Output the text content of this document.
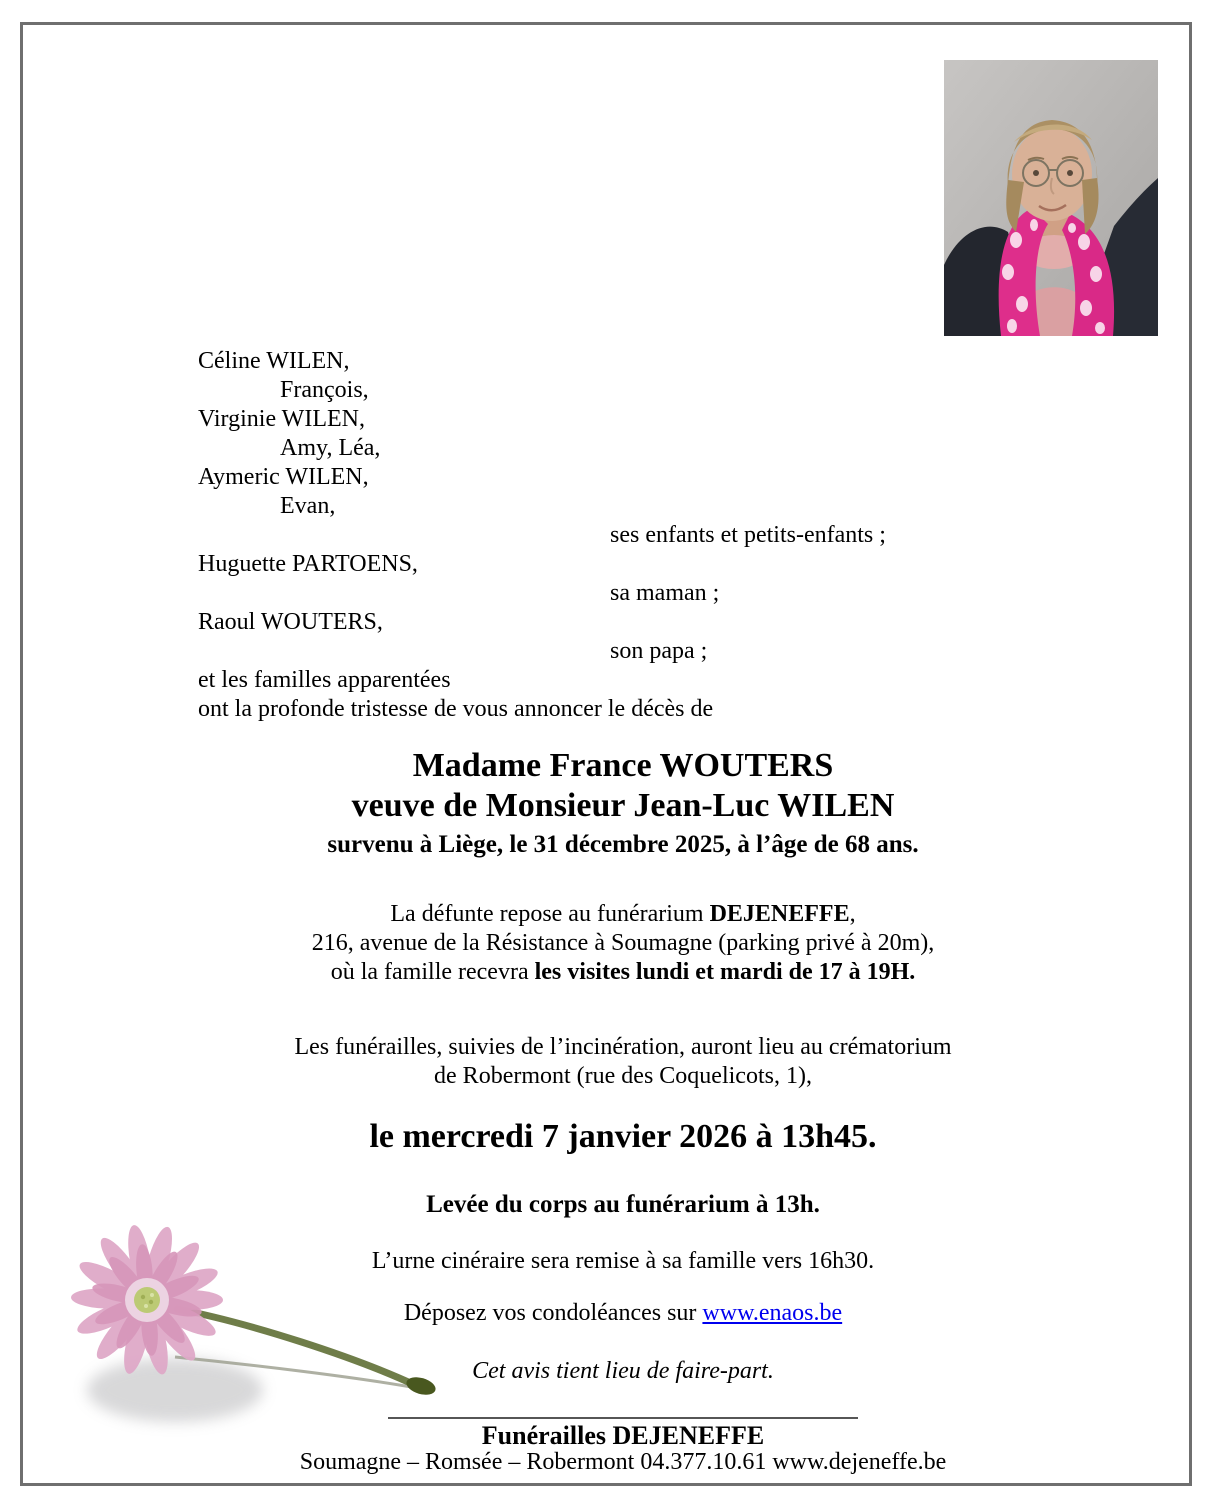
Céline WILEN,
François,
Virginie WILEN,
Amy, Léa,
Aymeric WILEN,
Evan,
ses enfants et petits-enfants ;
Huguette PARTOENS,
sa maman ;
Raoul WOUTERS,
son papa ;
et les familles apparentées
ont la profonde tristesse de vous annoncer le décès de
Madame France WOUTERS
veuve de Monsieur Jean-Luc WILEN
survenu à Liège, le 31 décembre 2025, à l’âge de 68 ans.
La défunte repose au funérarium DEJENEFFE,
216, avenue de la Résistance à Soumagne (parking privé à 20m),
où la famille recevra les visites lundi et mardi de 17 à 19H.
Les funérailles, suivies de l’incinération, auront lieu au crématorium
de Robermont (rue des Coquelicots, 1),
le mercredi 7 janvier 2026 à 13h45.
Levée du corps au funérarium à 13h.
L’urne cinéraire sera remise à sa famille vers 16h30.
Déposez vos condoléances sur www.enaos.be
Cet avis tient lieu de faire-part.
Funérailles DEJENEFFE
Soumagne – Romsée – Robermont 04.377.10.61 www.dejeneffe.be
